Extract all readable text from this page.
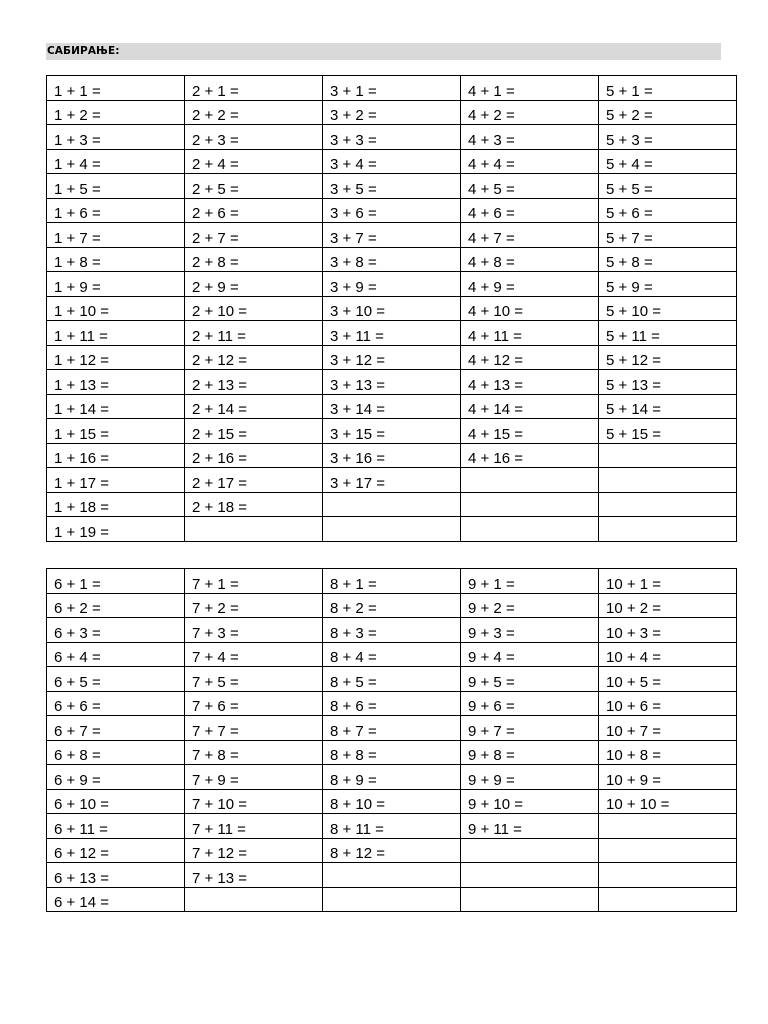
САБИРАЊЕ:
1 + 1 =	2 + 1 =	3 + 1 =	4 + 1 =	5 + 1 =
1 + 2 =	2 + 2 =	3 + 2 =	4 + 2 =	5 + 2 =
1 + 3 =	2 + 3 =	3 + 3 =	4 + 3 =	5 + 3 =
1 + 4 =	2 + 4 =	3 + 4 =	4 + 4 =	5 + 4 =
1 + 5 =	2 + 5 =	3 + 5 =	4 + 5 =	5 + 5 =
1 + 6 =	2 + 6 =	3 + 6 =	4 + 6 =	5 + 6 =
1 + 7 =	2 + 7 =	3 + 7 =	4 + 7 =	5 + 7 =
1 + 8 =	2 + 8 =	3 + 8 =	4 + 8 =	5 + 8 =
1 + 9 =	2 + 9 =	3 + 9 =	4 + 9 =	5 + 9 =
1 + 10 =	2 + 10 =	3 + 10 =	4 + 10 =	5 + 10 =
1 + 11 =	2 + 11 =	3 + 11 =	4 + 11 =	5 + 11 =
1 + 12 =	2 + 12 =	3 + 12 =	4 + 12 =	5 + 12 =
1 + 13 =	2 + 13 =	3 + 13 =	4 + 13 =	5 + 13 =
1 + 14 =	2 + 14 =	3 + 14 =	4 + 14 =	5 + 14 =
1 + 15 =	2 + 15 =	3 + 15 =	4 + 15 =	5 + 15 =
1 + 16 =	2 + 16 =	3 + 16 =	4 + 16 =	
1 + 17 =	2 + 17 =	3 + 17 =		
1 + 18 =	2 + 18 =			
1 + 19 =				
6 + 1 =	7 + 1 =	8 + 1 =	9 + 1 =	10 + 1 =
6 + 2 =	7 + 2 =	8 + 2 =	9 + 2 =	10 + 2 =
6 + 3 =	7 + 3 =	8 + 3 =	9 + 3 =	10 + 3 =
6 + 4 =	7 + 4 =	8 + 4 =	9 + 4 =	10 + 4 =
6 + 5 =	7 + 5 =	8 + 5 =	9 + 5 =	10 + 5 =
6 + 6 =	7 + 6 =	8 + 6 =	9 + 6 =	10 + 6 =
6 + 7 =	7 + 7 =	8 + 7 =	9 + 7 =	10 + 7 =
6 + 8 =	7 + 8 =	8 + 8 =	9 + 8 =	10 + 8 =
6 + 9 =	7 + 9 =	8 + 9 =	9 + 9 =	10 + 9 =
6 + 10 =	7 + 10 =	8 + 10 =	9 + 10 =	10 + 10 =
6 + 11 =	7 + 11 =	8 + 11 =	9 + 11 =	
6 + 12 =	7 + 12 =	8 + 12 =		
6 + 13 =	7 + 13 =			
6 + 14 =				
